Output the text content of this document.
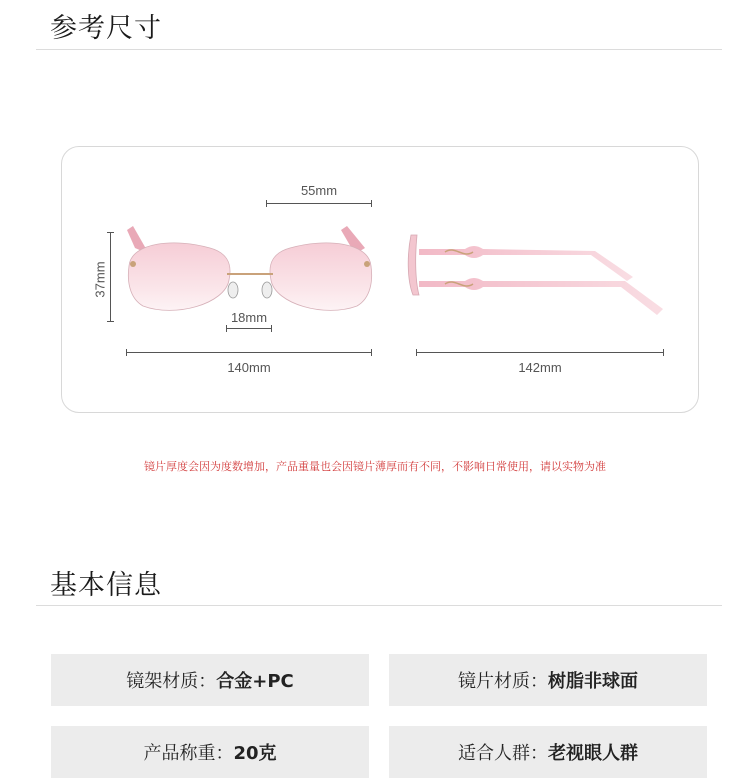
参考尺寸
55mm
37mm
18mm
140mm	142mm
镜片厚度会因为度数增加，产品重量也会因镜片薄厚而有不同，不影响日常使用，请以实物为准
基本信息
镜架材质： 合金+PC	镜片材质： 树脂非球面
产品称重： 20克	适合人群： 老视眼人群
